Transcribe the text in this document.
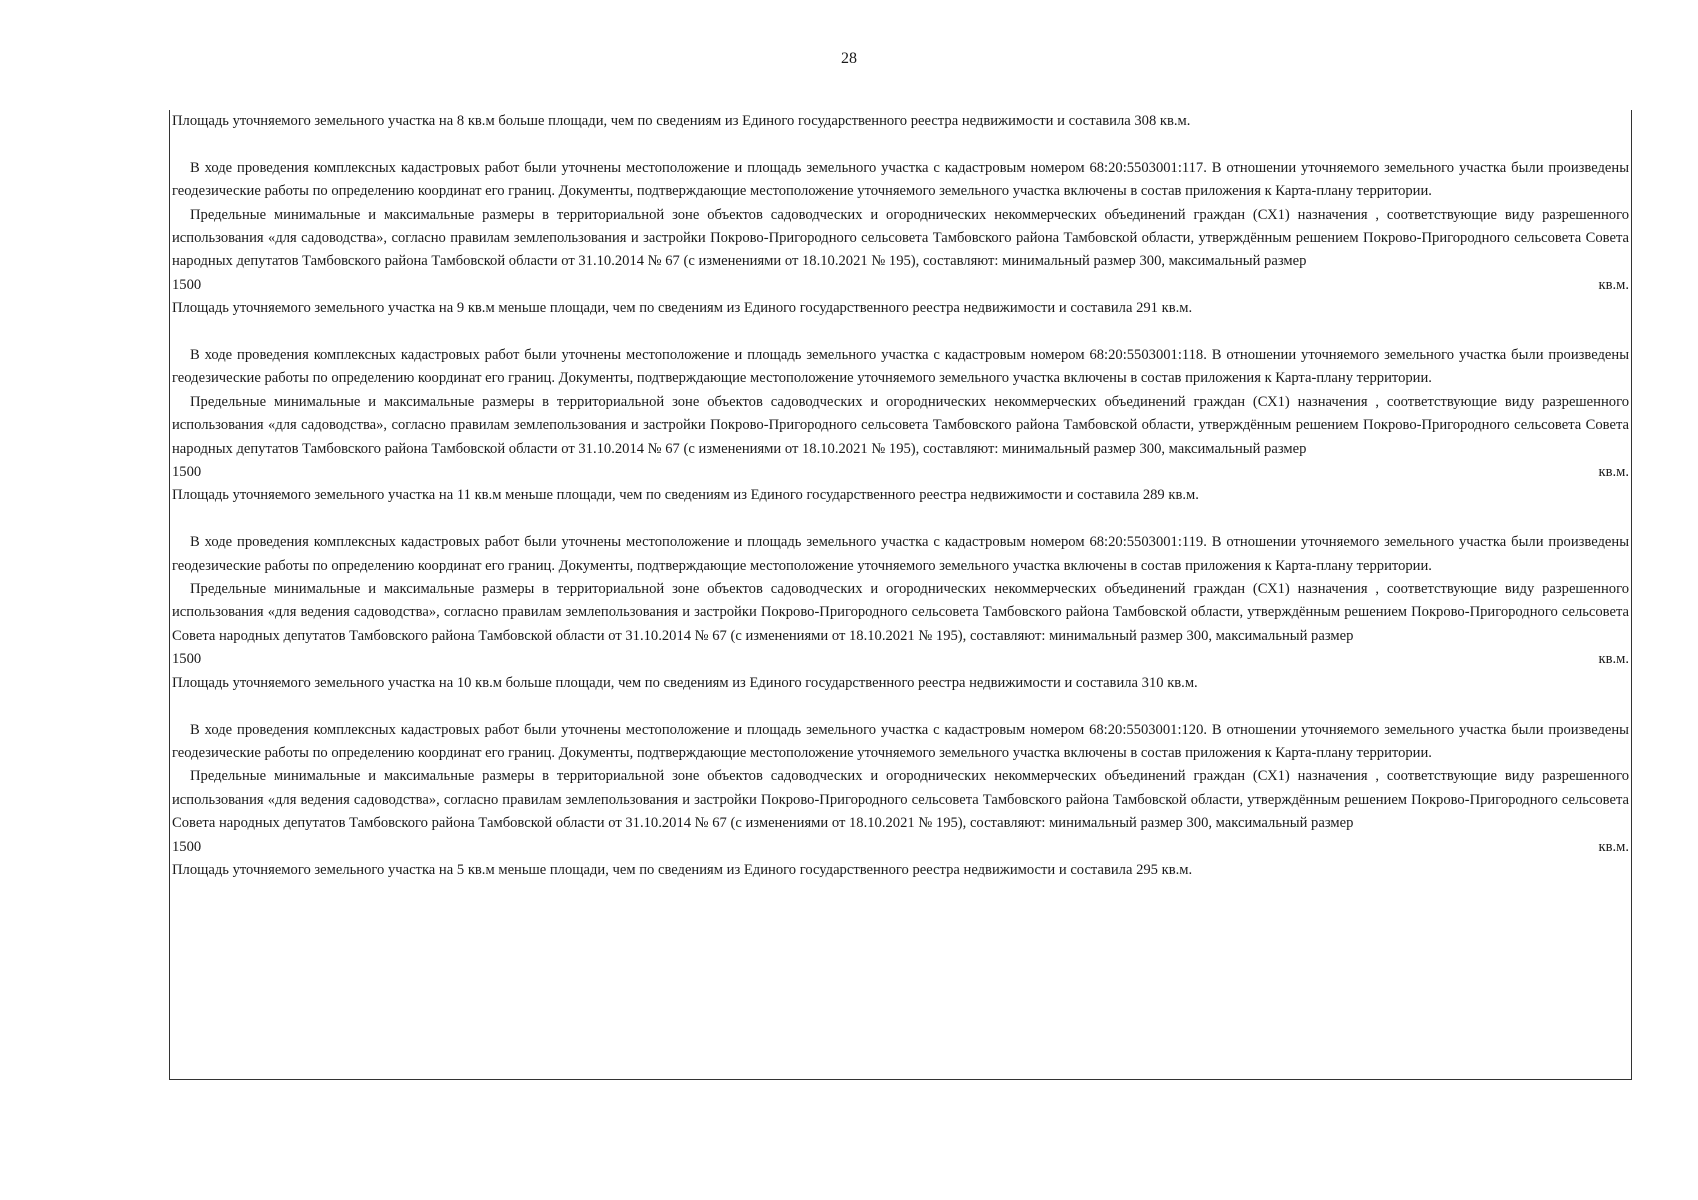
28

Площадь уточняемого земельного участка на 8 кв.м больше площади, чем по сведениям из Единого государственного реестра недвижимости и составила 308 кв.м.

В ходе проведения комплексных кадастровых работ были уточнены местоположение и площадь земельного участка с кадастровым номером 68:20:5503001:117. В отношении уточняемого земельного участка были произведены геодезические работы по определению координат его границ. Документы, подтверждающие местоположение уточняемого земельного участка включены в состав приложения к Карта-плану территории.

Предельные минимальные и максимальные размеры в территориальной зоне объектов садоводческих и огороднических некоммерческих объединений граждан (СХ1) назначения , соответствующие виду разрешенного использования «для садоводства», согласно правилам землепользования и застройки Покрово-Пригородного сельсовета Тамбовского района Тамбовской области, утверждённым решением Покрово-Пригородного сельсовета Совета народных депутатов Тамбовского района Тамбовской области от 31.10.2014 № 67 (с изменениями от 18.10.2021 № 195), составляют: минимальный размер 300, максимальный размер

1500	кв.м.

Площадь уточняемого земельного участка на 9 кв.м меньше площади, чем по сведениям из Единого государственного реестра недвижимости и составила 291 кв.м.

В ходе проведения комплексных кадастровых работ были уточнены местоположение и площадь земельного участка с кадастровым номером 68:20:5503001:118. В отношении уточняемого земельного участка были произведены геодезические работы по определению координат его границ. Документы, подтверждающие местоположение уточняемого земельного участка включены в состав приложения к Карта-плану территории.

Предельные минимальные и максимальные размеры в территориальной зоне объектов садоводческих и огороднических некоммерческих объединений граждан (СХ1) назначения , соответствующие виду разрешенного использования «для садоводства», согласно правилам землепользования и застройки Покрово-Пригородного сельсовета Тамбовского района Тамбовской области, утверждённым решением Покрово-Пригородного сельсовета Совета народных депутатов Тамбовского района Тамбовской области от 31.10.2014 № 67 (с изменениями от 18.10.2021 № 195), составляют: минимальный размер 300, максимальный размер

1500	кв.м.

Площадь уточняемого земельного участка на 11 кв.м меньше площади, чем по сведениям из Единого государственного реестра недвижимости и составила 289 кв.м.

В ходе проведения комплексных кадастровых работ были уточнены местоположение и площадь земельного участка с кадастровым номером 68:20:5503001:119. В отношении уточняемого земельного участка были произведены геодезические работы по определению координат его границ. Документы, подтверждающие местоположение уточняемого земельного участка включены в состав приложения к Карта-плану территории.

Предельные минимальные и максимальные размеры в территориальной зоне объектов садоводческих и огороднических некоммерческих объединений граждан (СХ1) назначения , соответствующие виду разрешенного использования «для ведения садоводства», согласно правилам землепользования и застройки Покрово-Пригородного сельсовета Тамбовского района Тамбовской области, утверждённым решением Покрово-Пригородного сельсовета Совета народных депутатов Тамбовского района Тамбовской области от 31.10.2014 № 67 (с изменениями от 18.10.2021 № 195), составляют: минимальный размер 300, максимальный размер

1500	кв.м.

Площадь уточняемого земельного участка на 10 кв.м больше площади, чем по сведениям из Единого государственного реестра недвижимости и составила 310 кв.м.

В ходе проведения комплексных кадастровых работ были уточнены местоположение и площадь земельного участка с кадастровым номером 68:20:5503001:120. В отношении уточняемого земельного участка были произведены геодезические работы по определению координат его границ. Документы, подтверждающие местоположение уточняемого земельного участка включены в состав приложения к Карта-плану территории.

Предельные минимальные и максимальные размеры в территориальной зоне объектов садоводческих и огороднических некоммерческих объединений граждан (СХ1) назначения , соответствующие виду разрешенного использования «для ведения садоводства», согласно правилам землепользования и застройки Покрово-Пригородного сельсовета Тамбовского района Тамбовской области, утверждённым решением Покрово-Пригородного сельсовета Совета народных депутатов Тамбовского района Тамбовской области от 31.10.2014 № 67 (с изменениями от 18.10.2021 № 195), составляют: минимальный размер 300, максимальный размер

1500	кв.м.

Площадь уточняемого земельного участка на 5 кв.м меньше площади, чем по сведениям из Единого государственного реестра недвижимости и составила 295 кв.м.
